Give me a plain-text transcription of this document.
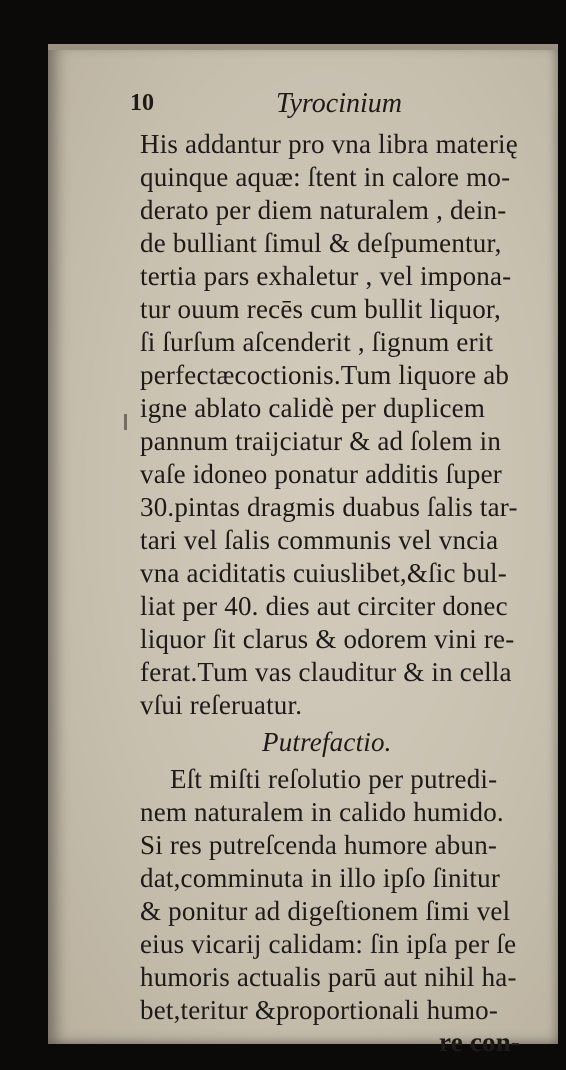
10	Tyrocinium
His addantur pro vna libra materię
quinque aquæ: ſtent in calore mo-
derato per diem naturalem , dein-
de bulliant ſimul & deſpumentur,
tertia pars exhaletur , vel impona-
tur ouum recēs cum bullit liquor,
ſi ſurſum aſcenderit , ſignum erit
perfectæcoctionis.Tum liquore ab
igne ablato calidè per duplicem
pannum traijciatur & ad ſolem in
vaſe idoneo ponatur additis ſuper
30.pintas dragmis duabus ſalis tar-
tari vel ſalis communis vel vncia
vna aciditatis cuiuslibet,&ſic bul-
liat per 40. dies aut circiter donec
liquor ſit clarus & odorem vini re-
ferat.Tum vas clauditur & in cella
vſui reſeruatur.
Putrefactio.
Eſt miſti reſolutio per putredi-
nem naturalem in calido humido.
Si res putreſcenda humore abun-
dat,comminuta in illo ipſo ſinitur
& ponitur ad digeſtionem ſimi vel
eius vicarij calidam: ſin ipſa per ſe
humoris actualis parū aut nihil ha-
bet,teritur &proportionali humo-
re con-
